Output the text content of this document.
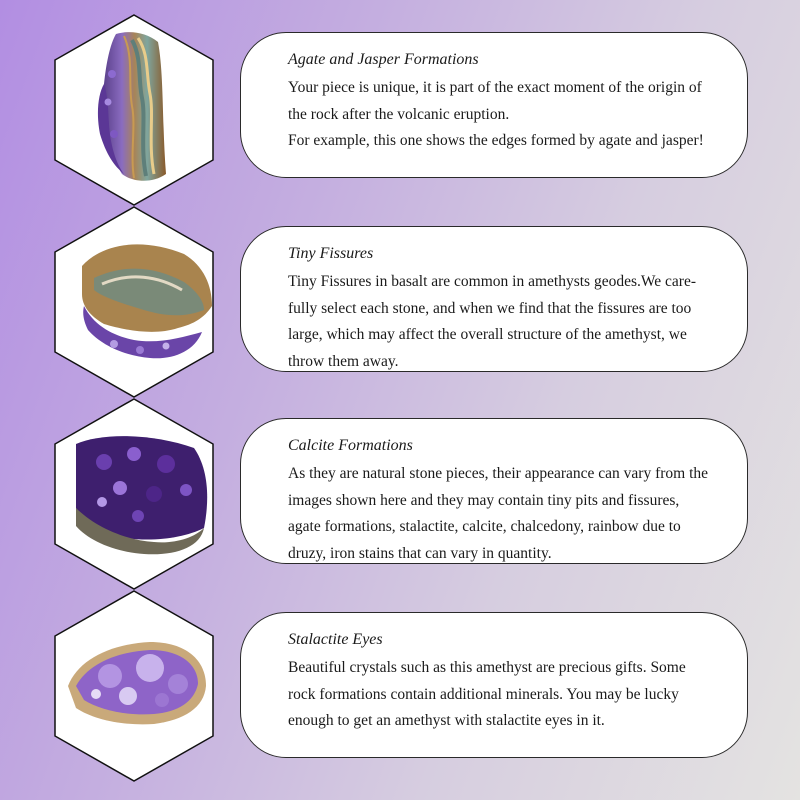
Agate and Jasper Formations

Your piece is unique, it is part of the exact moment of the origin of
the rock after the volcanic eruption.
For example, this one shows the edges formed by agate and jasper!

Tiny Fissures

Tiny Fissures in basalt are common in amethysts geodes.We care-
fully select each stone, and when we find that the fissures are too
large, which may affect the overall structure of the amethyst, we
throw them away.

Calcite Formations

As they are natural stone pieces, their appearance can vary from the
images shown here and they may contain tiny pits and fissures,
agate formations, stalactite, calcite, chalcedony, rainbow due to
druzy, iron stains that can vary in quantity.

Stalactite Eyes

Beautiful crystals such as this amethyst are precious gifts. Some
rock formations contain additional minerals. You may be lucky
enough to get an amethyst with stalactite eyes in it.
